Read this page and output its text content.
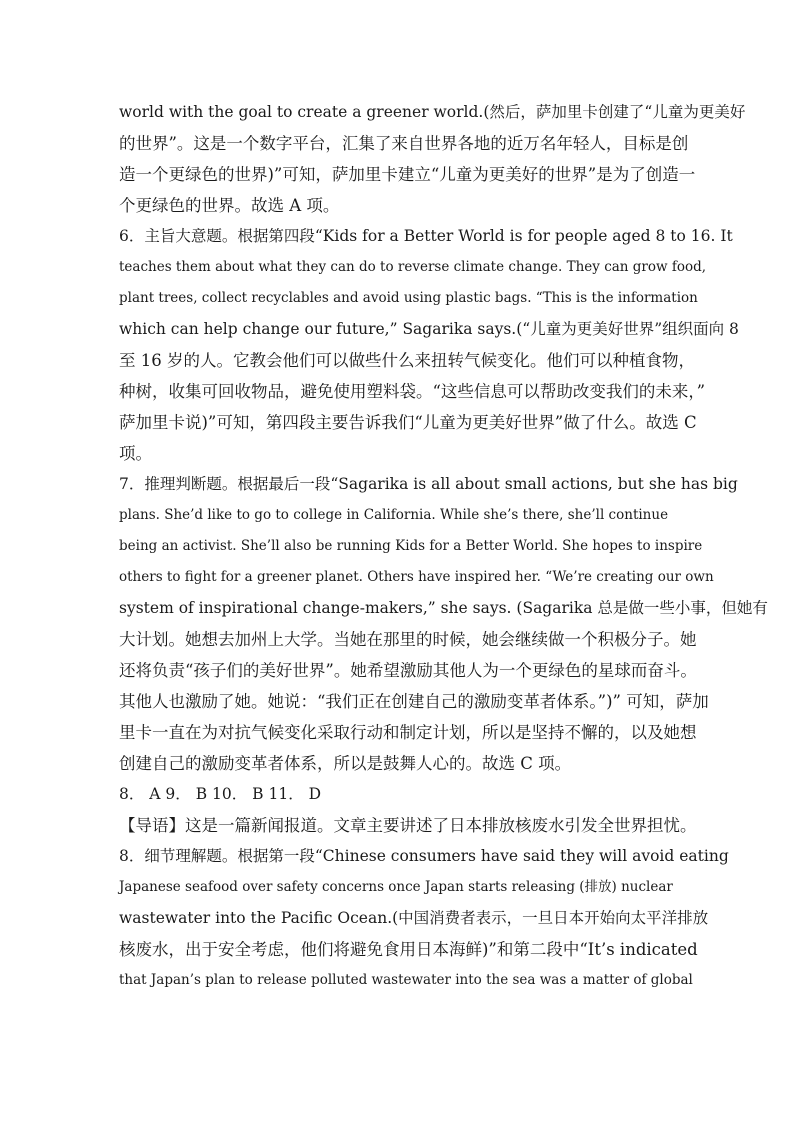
world with the goal to create a greener world.(然后，萨加里卡创建了“儿童为更美好
的世界”。这是一个数字平台，汇集了来自世界各地的近万名年轻人，目标是创
造一个更绿色的世界)”可知，萨加里卡建立“儿童为更美好的世界”是为了创造一
个更绿色的世界。故选 A 项。
6．主旨大意题。根据第四段“Kids for a Better World is for people aged 8 to 16. It
teaches them about what they can do to reverse climate change. They can grow food,
plant trees, collect recyclables and avoid using plastic bags. “This is the information
which can help change our future,” Sagarika says.(“儿童为更美好世界”组织面向 8
至 16 岁的人。它教会他们可以做些什么来扭转气候变化。他们可以种植食物，
种树，收集可回收物品，避免使用塑料袋。“这些信息可以帮助改变我们的未来，”
萨加里卡说)”可知，第四段主要告诉我们“儿童为更美好世界”做了什么。故选 C
项。
7．推理判断题。根据最后一段“Sagarika is all about small actions, but she has big
plans. She’d like to go to college in California. While she’s there, she’ll continue
being an activist. She’ll also be running Kids for a Better World. She hopes to inspire
others to fight for a greener planet. Others have inspired her. “We’re creating our own
system of inspirational change-makers,” she says. (Sagarika 总是做一些小事，但她有
大计划。她想去加州上大学。当她在那里的时候，她会继续做一个积极分子。她
还将负责“孩子们的美好世界”。她希望激励其他人为一个更绿色的星球而奋斗。
其他人也激励了她。她说：“我们正在创建自己的激励变革者体系。”)” 可知，萨加
里卡一直在为对抗气候变化采取行动和制定计划，所以是坚持不懈的，以及她想
创建自己的激励变革者体系，所以是鼓舞人心的。故选 C 项。
8． A 9． B 10． B 11． D
【导语】这是一篇新闻报道。文章主要讲述了日本排放核废水引发全世界担忧。
8．细节理解题。根据第一段“Chinese consumers have said they will avoid eating
Japanese seafood over safety concerns once Japan starts releasing (排放) nuclear
wastewater into the Pacific Ocean.(中国消费者表示，一旦日本开始向太平洋排放
核废水，出于安全考虑，他们将避免食用日本海鲜)”和第二段中“It’s indicated
that Japan’s plan to release polluted wastewater into the sea was a matter of global
